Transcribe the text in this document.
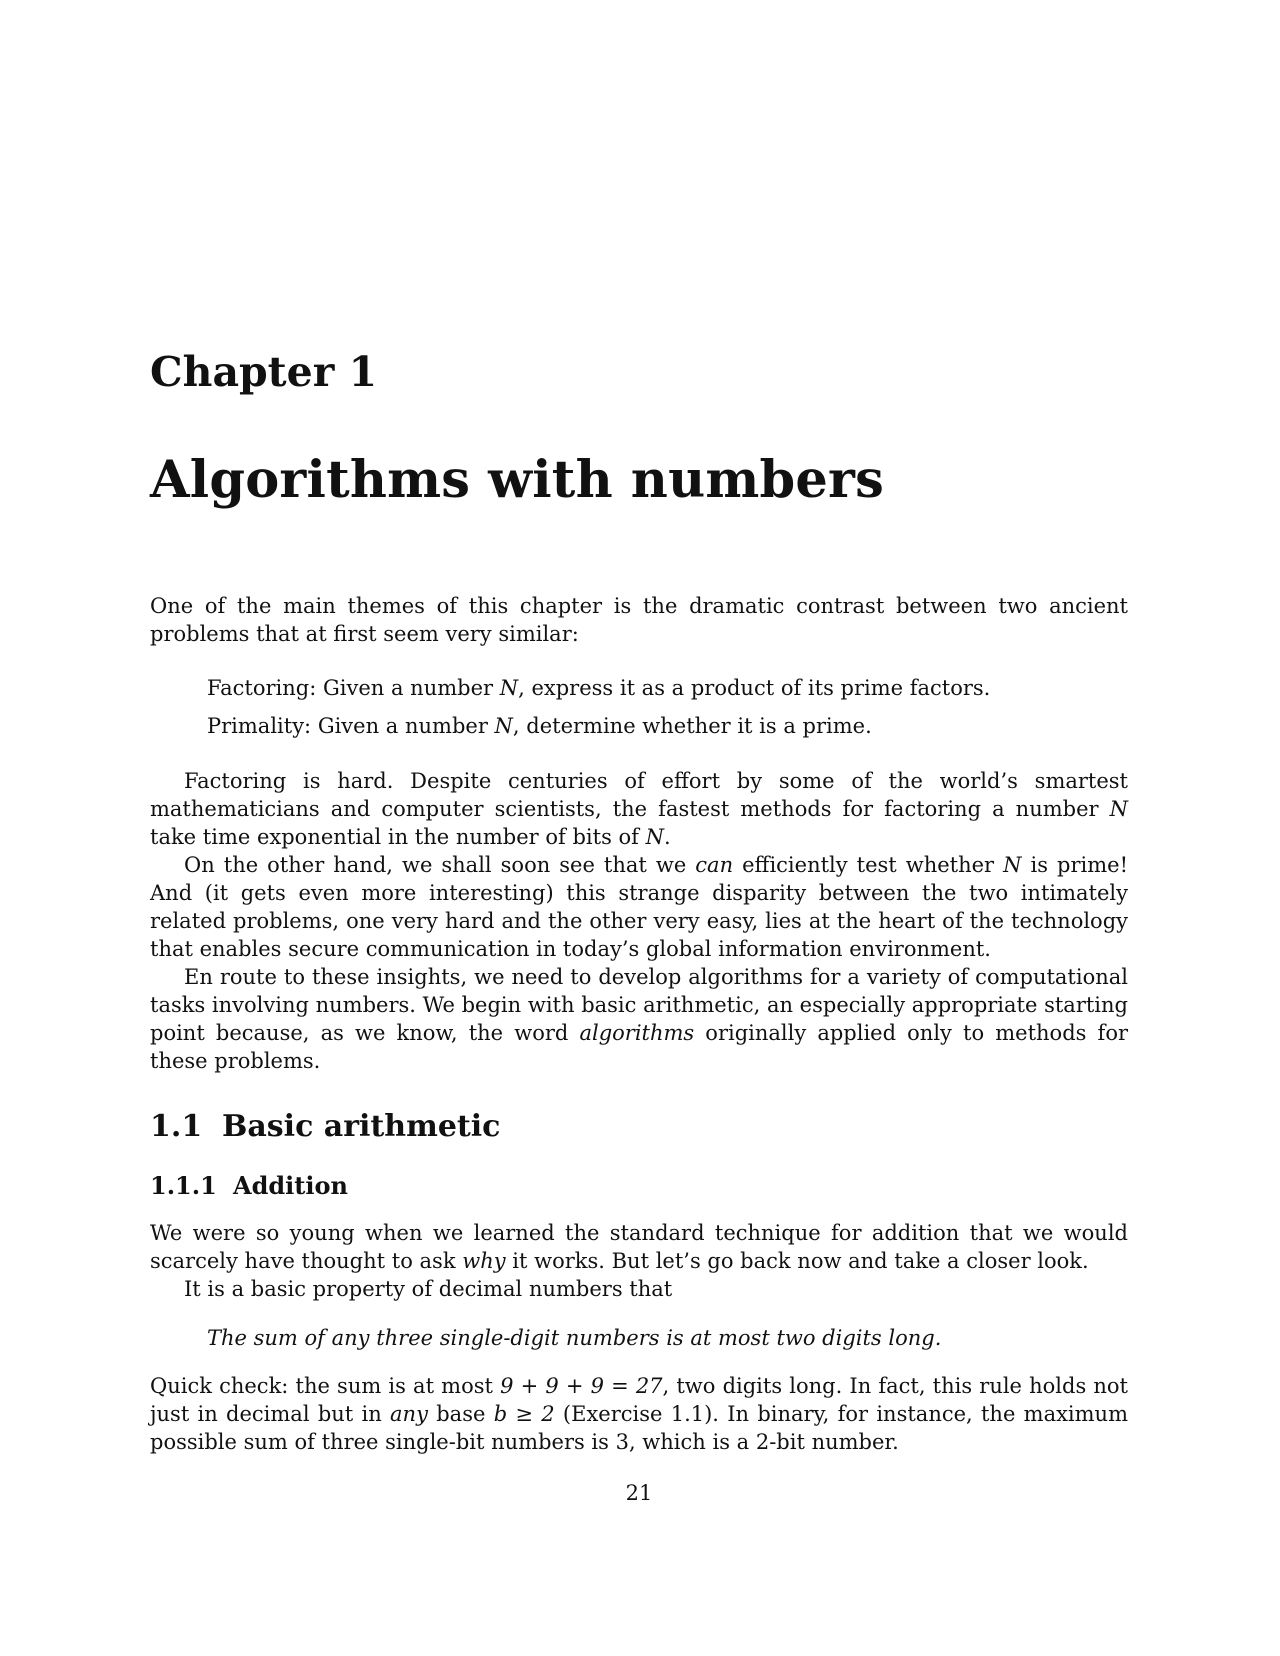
Chapter 1
Algorithms with numbers

One of the main themes of this chapter is the dramatic contrast between two ancient problems that at first seem very similar:

Factoring: Given a number N, express it as a product of its prime factors.
Primality: Given a number N, determine whether it is a prime.

Factoring is hard. Despite centuries of effort by some of the world’s smartest mathematicians and computer scientists, the fastest methods for factoring a number N take time exponential in the number of bits of N.

On the other hand, we shall soon see that we can efficiently test whether N is prime! And (it gets even more interesting) this strange disparity between the two intimately related problems, one very hard and the other very easy, lies at the heart of the technology that enables secure communication in today’s global information environment.

En route to these insights, we need to develop algorithms for a variety of computational tasks involving numbers. We begin with basic arithmetic, an especially appropriate starting point because, as we know, the word algorithms originally applied only to methods for these problems.

1.1 Basic arithmetic
1.1.1 Addition

We were so young when we learned the standard technique for addition that we would scarcely have thought to ask why it works. But let’s go back now and take a closer look.

It is a basic property of decimal numbers that

The sum of any three single-digit numbers is at most two digits long.

Quick check: the sum is at most 9 + 9 + 9 = 27, two digits long. In fact, this rule holds not just in decimal but in any base b ≥ 2 (Exercise 1.1). In binary, for instance, the maximum possible sum of three single-bit numbers is 3, which is a 2-bit number.

21
